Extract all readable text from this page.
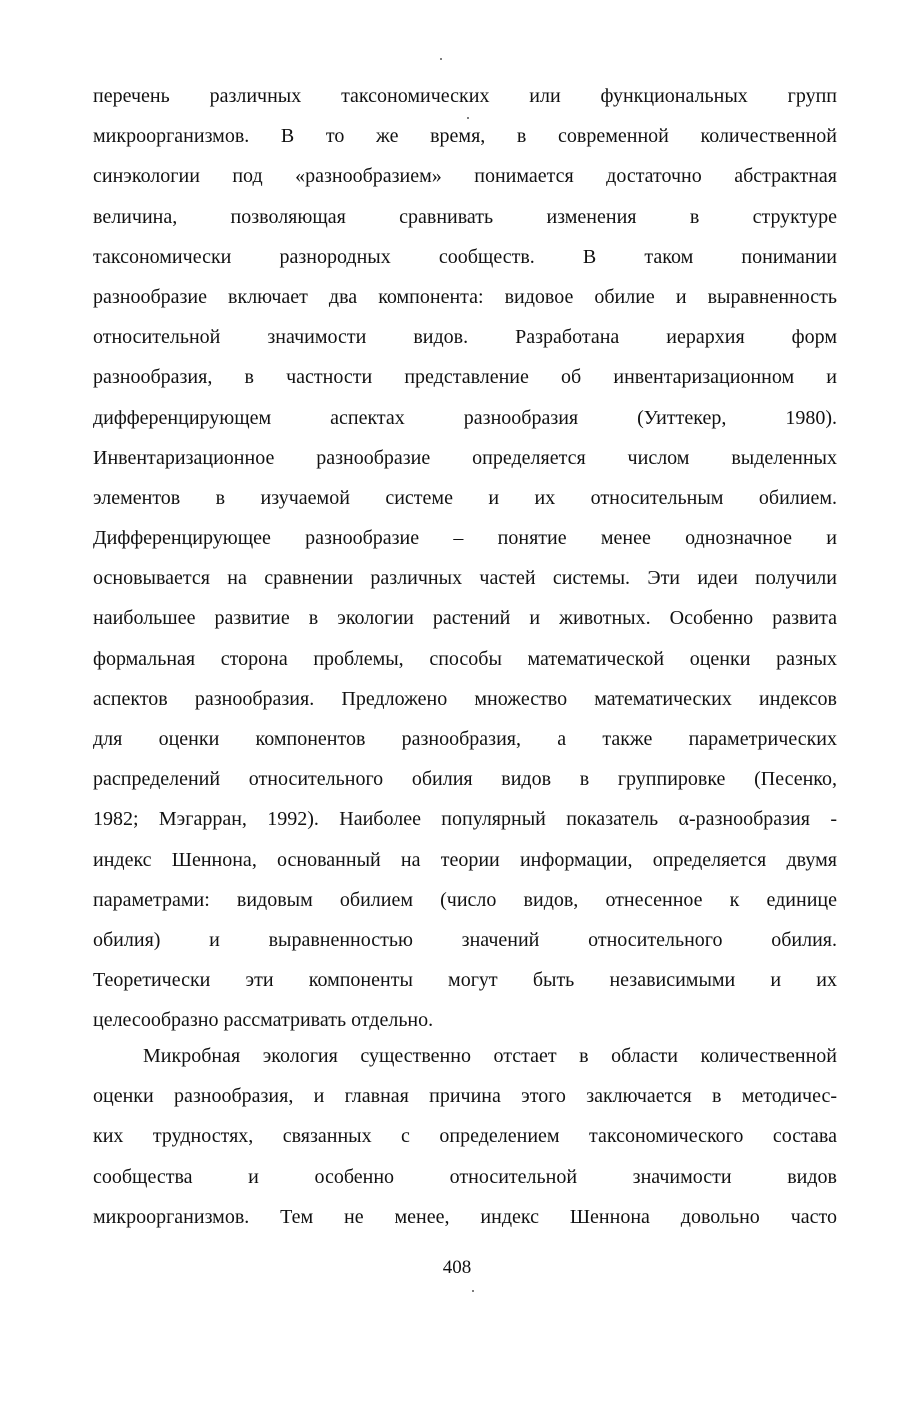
перечень различных таксономических или функциональных групп
микроорганизмов. В то же время, в современной количественной
синэкологии под «разнообразием» понимается достаточно абстрактная
величина, позволяющая сравнивать изменения в структуре
таксономически разнородных сообществ. В таком понимании
разнообразие включает два компонента: видовое обилие и выравненность
относительной значимости видов. Разработана иерархия форм
разнообразия, в частности представление об инвентаризационном и
дифференцирующем аспектах разнообразия (Уиттекер, 1980).
Инвентаризационное разнообразие определяется числом выделенных
элементов в изучаемой системе и их относительным обилием.
Дифференцирующее разнообразие – понятие менее однозначное и
основывается на сравнении различных частей системы. Эти идеи получили
наибольшее развитие в экологии растений и животных. Особенно развита
формальная сторона проблемы, способы математической оценки разных
аспектов разнообразия. Предложено множество математических индексов
для оценки компонентов разнообразия, а также параметрических
распределений относительного обилия видов в группировке (Песенко,
1982; Мэгарран, 1992). Наиболее популярный показатель α-разнообразия -
индекс Шеннона, основанный на теории информации, определяется двумя
параметрами: видовым обилием (число видов, отнесенное к единице
обилия) и выравненностью значений относительного обилия.
Теоретически эти компоненты могут быть независимыми и их
целесообразно рассматривать отдельно.
Микробная экология существенно отстает в области количественной
оценки разнообразия, и главная причина этого заключается в методичес-
ких трудностях, связанных с определением таксономического состава
сообщества и особенно относительной значимости видов
микроорганизмов. Тем не менее, индекс Шеннона довольно часто
408
